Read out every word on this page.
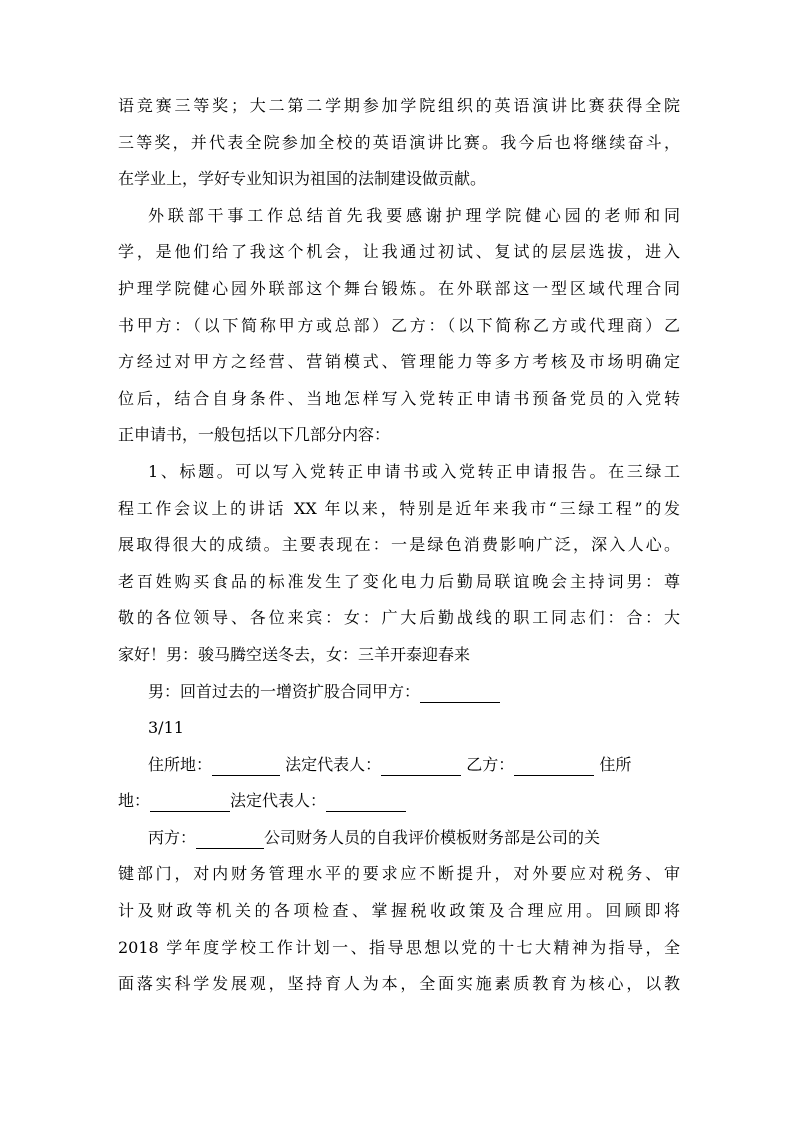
语竞赛三等奖；大二第二学期参加学院组织的英语演讲比赛获得全院
三等奖，并代表全院参加全校的英语演讲比赛。我今后也将继续奋斗，
在学业上，学好专业知识为祖国的法制建设做贡献。
外联部干事工作总结首先我要感谢护理学院健心园的老师和同
学，是他们给了我这个机会，让我通过初试、复试的层层选拔，进入
护理学院健心园外联部这个舞台锻炼。在外联部这一型区域代理合同
书甲方：（以下简称甲方或总部）乙方：（以下简称乙方或代理商）乙
方经过对甲方之经营、营销模式、管理能力等多方考核及市场明确定
位后，结合自身条件、当地怎样写入党转正申请书预备党员的入党转
正申请书，一般包括以下几部分内容：
1、标题。可以写入党转正申请书或入党转正申请报告。在三绿工
程工作会议上的讲话 XX 年以来，特别是近年来我市“三绿工程”的发
展取得很大的成绩。主要表现在：一是绿色消费影响广泛，深入人心。
老百姓购买食品的标准发生了变化电力后勤局联谊晚会主持词男：尊
敬的各位领导、各位来宾：女：广大后勤战线的职工同志们：合：大
家好！男：骏马腾空送冬去，女：三羊开泰迎春来
男：回首过去的一增资扩股合同甲方：
3/11
住所地：	法定代表人：	乙方：	住所
地：	法定代表人：
丙方：	公司财务人员的自我评价模板财务部是公司的关
键部门，对内财务管理水平的要求应不断提升，对外要应对税务、审
计及财政等机关的各项检查、掌握税收政策及合理应用。回顾即将
2018 学年度学校工作计划一、指导思想以党的十七大精神为指导，全
面落实科学发展观，坚持育人为本，全面实施素质教育为核心，以教
